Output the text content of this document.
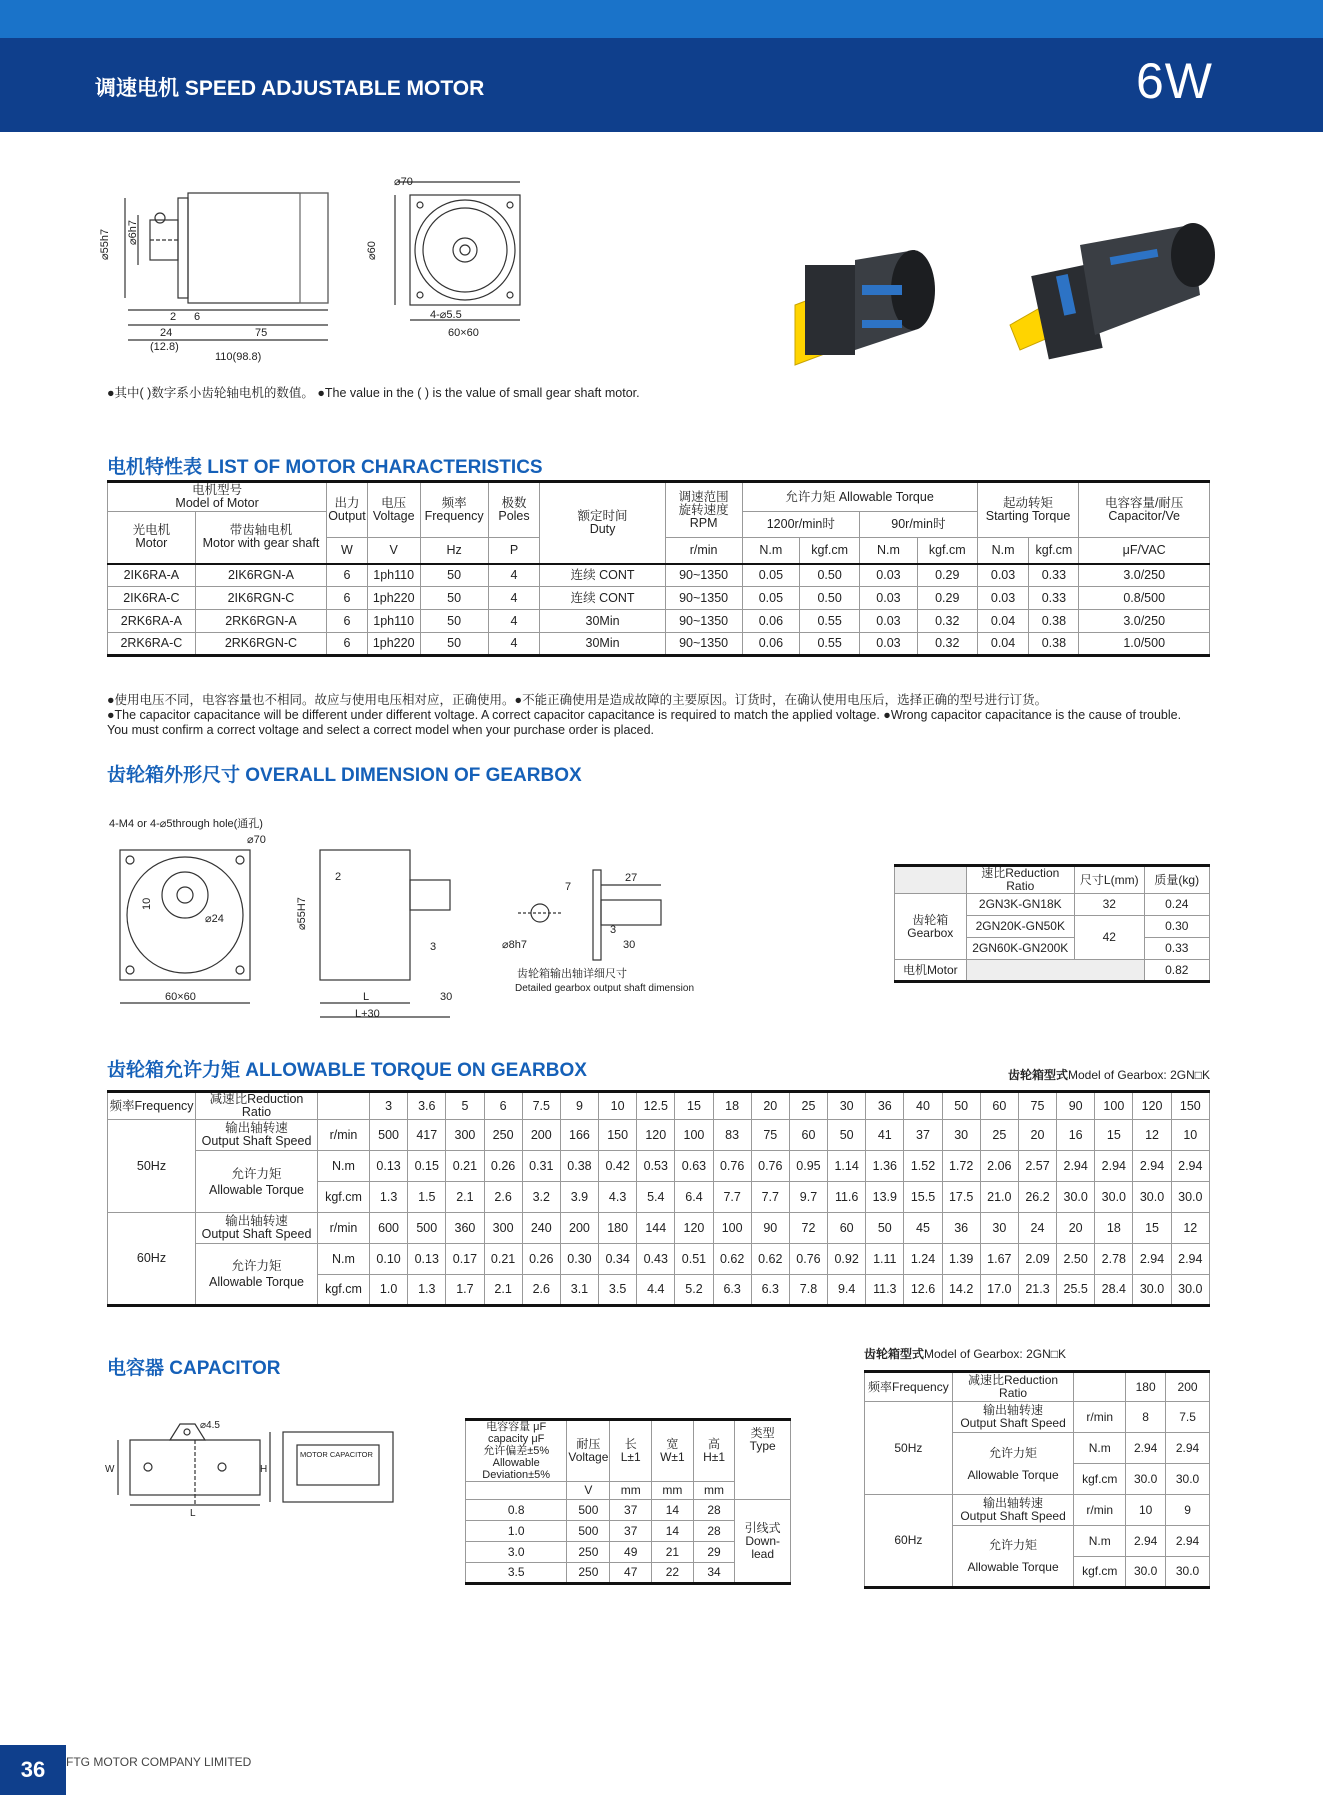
调速电机 SPEED ADJUSTABLE MOTOR	6W
⌀70
⌀55h7 ⌀6h7
⌀60
2 6
24	75
(12.8)
110(98.8)
4-⌀5.5
60×60
●其中( )数字系小齿轮轴电机的数值。 ●The value in the ( ) is the value of small gear shaft motor.
电机特性表 LIST OF MOTOR CHARACTERISTICS
电机型号
Model of Motor		出力
Output	电压
Voltage	频率
Frequency	极数
Poles	额定时间
Duty	调速范围
旋转速度
RPM	允许力矩 Allowable Torque				起动转矩
Starting Torque		电容容量/耐压
Capacitor/Ve
光电机
Motor	带齿轴电机
Motor with gear shaft							1200r/min时		90r/min时				
		W	V	Hz	P		r/min	N.m	kgf.cm	N.m	kgf.cm	N.m	kgf.cm	μF/VAC
2IK6RA-A	2IK6RGN-A	6	1ph110	50	4	连续 CONT	90~1350	0.05	0.50	0.03	0.29	0.03	0.33	3.0/250
2IK6RA-C	2IK6RGN-C	6	1ph220	50	4	连续 CONT	90~1350	0.05	0.50	0.03	0.29	0.03	0.33	0.8/500
2RK6RA-A	2RK6RGN-A	6	1ph110	50	4	30Min	90~1350	0.06	0.55	0.03	0.32	0.04	0.38	3.0/250
2RK6RA-C	2RK6RGN-C	6	1ph220	50	4	30Min	90~1350	0.06	0.55	0.03	0.32	0.04	0.38	1.0/500
●使用电压不同，电容容量也不相同。故应与使用电压相对应，正确使用。●不能正确使用是造成故障的主要原因。订货时，在确认使用电压后，选择正确的型号进行订货。
●The capacitor capacitance will be different under different voltage. A correct capacitor capacitance is required to match the applied voltage. ●Wrong capacitor capacitance is the cause of trouble.
You must confirm a correct voltage and select a correct model when your purchase order is placed.
齿轮箱外形尺寸 OVERALL DIMENSION OF GEARBOX
4-M4 or 4-⌀5through hole(通孔)
⌀70
10
⌀24
60×60
2
⌀55H7
3
L	30
L+30
7
27
⌀8h7
3
30
齿轮箱输出轴详细尺寸
Detailed gearbox output shaft dimension
	速比Reduction Ratio	尺寸L(mm)	质量(kg)
齿轮箱
Gearbox	2GN3K-GN18K	32	0.24
	2GN20K-GN50K	42	0.30
	2GN60K-GN200K		0.33
电机Motor			0.82
齿轮箱允许力矩 ALLOWABLE TORQUE ON GEARBOX	齿轮箱型式Model of Gearbox: 2GN□K
频率Frequency	减速比Reduction Ratio		3	3.6	5	6	7.5	9	10	12.5	15	18	20	25	30	36	40	50	60	75	90	100	120	150
50Hz	输出轴转速
Output Shaft Speed	r/min	500	417	300	250	200	166	150	120	100	83	75	60	50	41	37	30	25	20	16	15	12	10
	允许力矩
Allowable Torque	N.m	0.13	0.15	0.21	0.26	0.31	0.38	0.42	0.53	0.63	0.76	0.76	0.95	1.14	1.36	1.52	1.72	2.06	2.57	2.94	2.94	2.94	2.94
		kgf.cm	1.3	1.5	2.1	2.6	3.2	3.9	4.3	5.4	6.4	7.7	7.7	9.7	11.6	13.9	15.5	17.5	21.0	26.2	30.0	30.0	30.0	30.0
60Hz	输出轴转速
Output Shaft Speed	r/min	600	500	360	300	240	200	180	144	120	100	90	72	60	50	45	36	30	24	20	18	15	12
	允许力矩
Allowable Torque	N.m	0.10	0.13	0.17	0.21	0.26	0.30	0.34	0.43	0.51	0.62	0.62	0.76	0.92	1.11	1.24	1.39	1.67	2.09	2.50	2.78	2.94	2.94
		kgf.cm	1.0	1.3	1.7	2.1	2.6	3.1	3.5	4.4	5.2	6.3	6.3	7.8	9.4	11.3	12.6	14.2	17.0	21.3	25.5	28.4	30.0	30.0
电容器 CAPACITOR
⌀4.5
W
L
H
MOTOR CAPACITOR
电容容量 μF
capacity μF
允许偏差±5%
Allowable Deviation±5%	耐压
Voltage	长
L±1	宽
W±1	高
H±1	类型
Type
	V	mm	mm	mm	
0.8	500	37	14	28	引线式
Down-lead
1.0	500	37	14	28	
3.0	250	49	21	29	
3.5	250	47	22	34	
齿轮箱型式Model of Gearbox: 2GN□K
频率Frequency	减速比Reduction Ratio		180	200
50Hz	输出轴转速
Output Shaft Speed	r/min	8	7.5
	允许力矩
Allowable Torque	N.m	2.94	2.94
		kgf.cm	30.0	30.0
60Hz	输出轴转速
Output Shaft Speed	r/min	10	9
	允许力矩
Allowable Torque	N.m	2.94	2.94
		kgf.cm	30.0	30.0
36	FTG MOTOR COMPANY LIMITED
